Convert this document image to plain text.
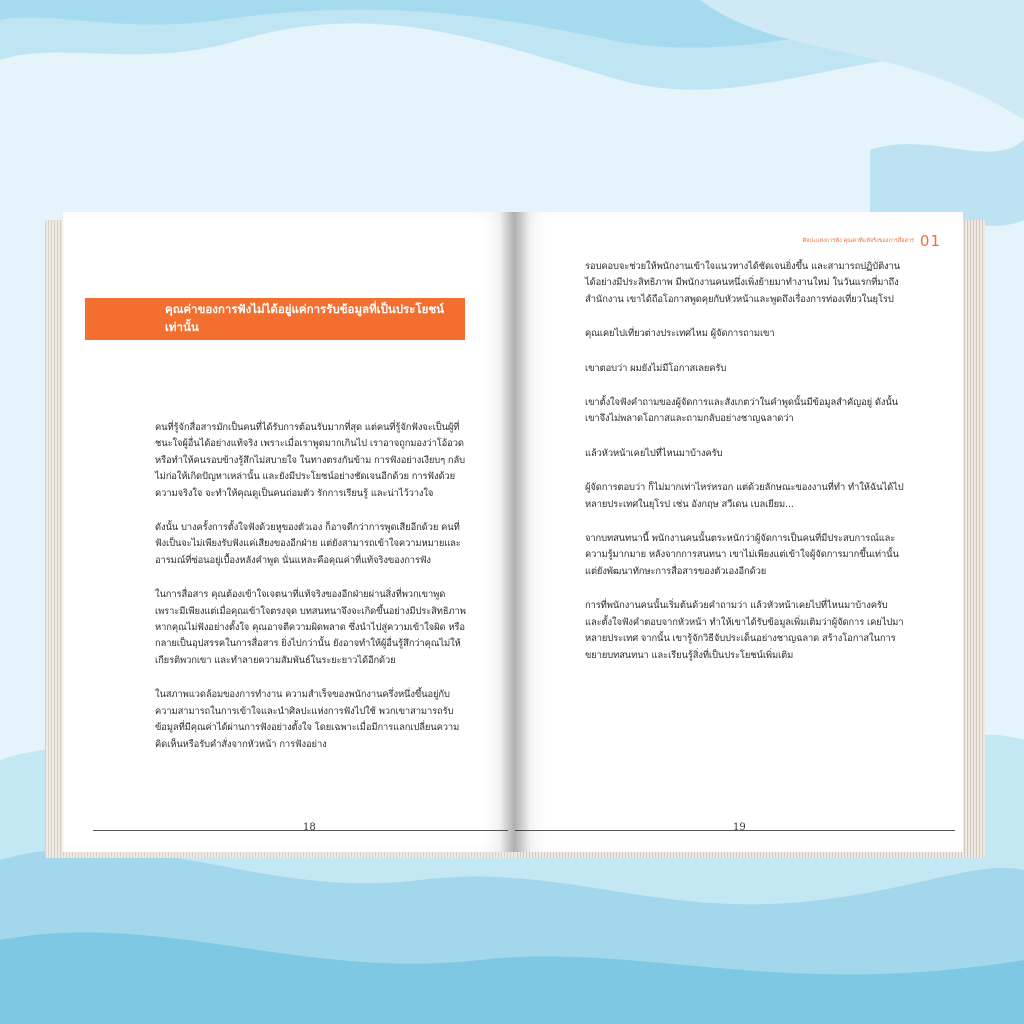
คุณค่าของการฟังไม่ได้อยู่แค่การรับข้อมูลที่เป็นประโยชน์เท่านั้น

คนที่รู้จักสื่อสารมักเป็นคนที่ได้รับการต้อนรับมากที่สุด แต่คนที่รู้จักฟังจะเป็นผู้ที่ชนะใจผู้อื่นได้อย่างแท้จริง เพราะเมื่อเราพูดมากเกินไป เราอาจถูกมองว่าโอ้อวด หรือทำให้คนรอบข้างรู้สึกไม่สบายใจ ในทางตรงกันข้าม การฟังอย่างเงียบๆ กลับไม่ก่อให้เกิดปัญหาเหล่านั้น และยังมีประโยชน์อย่างชัดเจนอีกด้วย การฟังด้วยความจริงใจ จะทำให้คุณดูเป็นคนถ่อมตัว รักการเรียนรู้ และน่าไว้วางใจ

ดังนั้น บางครั้งการตั้งใจฟังด้วยหูของตัวเอง ก็อาจดีกว่าการพูดเสียอีกด้วย คนที่ฟังเป็นจะไม่เพียงรับฟังแค่เสียงของอีกฝ่าย แต่ยังสามารถเข้าใจความหมายและอารมณ์ที่ซ่อนอยู่เบื้องหลังคำพูด นั่นแหละคือคุณค่าที่แท้จริงของการฟัง

ในการสื่อสาร คุณต้องเข้าใจเจตนาที่แท้จริงของอีกฝ่ายผ่านสิ่งที่พวกเขาพูด เพราะมีเพียงแต่เมื่อคุณเข้าใจตรงจุด บทสนทนาจึงจะเกิดขึ้นอย่างมีประสิทธิภาพ หากคุณไม่ฟังอย่างตั้งใจ คุณอาจตีความผิดพลาด ซึ่งนำไปสู่ความเข้าใจผิด หรือกลายเป็นอุปสรรคในการสื่อสาร ยิ่งไปกว่านั้น ยังอาจทำให้ผู้อื่นรู้สึกว่าคุณไม่ให้เกียรติพวกเขา และทำลายความสัมพันธ์ในระยะยาวได้อีกด้วย

ในสภาพแวดล้อมของการทำงาน ความสำเร็จของพนักงานครึ่งหนึ่งขึ้นอยู่กับความสามารถในการเข้าใจและนำศิลปะแห่งการฟังไปใช้ พวกเขาสามารถรับข้อมูลที่มีคุณค่าได้ผ่านการฟังอย่างตั้งใจ โดยเฉพาะเมื่อมีการแลกเปลี่ยนความคิดเห็นหรือรับคำสั่งจากหัวหน้า การฟังอย่าง

18
ศิลปะแห่งการฟัง คุณค่าที่แท้จริงของการสื่อสาร 01

รอบคอบจะช่วยให้พนักงานเข้าใจแนวทางได้ชัดเจนยิ่งขึ้น และสามารถปฏิบัติงานได้อย่างมีประสิทธิภาพ มีพนักงานคนหนึ่งเพิ่งย้ายมาทำงานใหม่ ในวันแรกที่มาถึงสำนักงาน เขาได้ถือโอกาสพูดคุยกับหัวหน้าและพูดถึงเรื่องการท่องเที่ยวในยุโรป

คุณเคยไปเที่ยวต่างประเทศไหม ผู้จัดการถามเขา

เขาตอบว่า ผมยังไม่มีโอกาสเลยครับ

เขาตั้งใจฟังคำถามของผู้จัดการและสังเกตว่าในคำพูดนั้นมีข้อมูลสำคัญอยู่ ดังนั้นเขาจึงไม่พลาดโอกาสและถามกลับอย่างชาญฉลาดว่า

แล้วหัวหน้าเคยไปที่ไหนมาบ้างครับ

ผู้จัดการตอบว่า ก็ไม่มากเท่าไหร่หรอก แต่ด้วยลักษณะของงานที่ทำ ทำให้ฉันได้ไปหลายประเทศในยุโรป เช่น อังกฤษ สวีเดน เบลเยียม...

จากบทสนทนานี้ พนักงานคนนั้นตระหนักว่าผู้จัดการเป็นคนที่มีประสบการณ์และความรู้มากมาย หลังจากการสนทนา เขาไม่เพียงแต่เข้าใจผู้จัดการมากขึ้นเท่านั้น แต่ยังพัฒนาทักษะการสื่อสารของตัวเองอีกด้วย

การที่พนักงานคนนั้นเริ่มต้นด้วยคำถามว่า แล้วหัวหน้าเคยไปที่ไหนมาบ้างครับ และตั้งใจฟังคำตอบจากหัวหน้า ทำให้เขาได้รับข้อมูลเพิ่มเติมว่าผู้จัดการ เคยไปมาหลายประเทศ จากนั้น เขารู้จักวิธีจับประเด็นอย่างชาญฉลาด สร้างโอกาสในการขยายบทสนทนา และเรียนรู้สิ่งที่เป็นประโยชน์เพิ่มเติม

19
